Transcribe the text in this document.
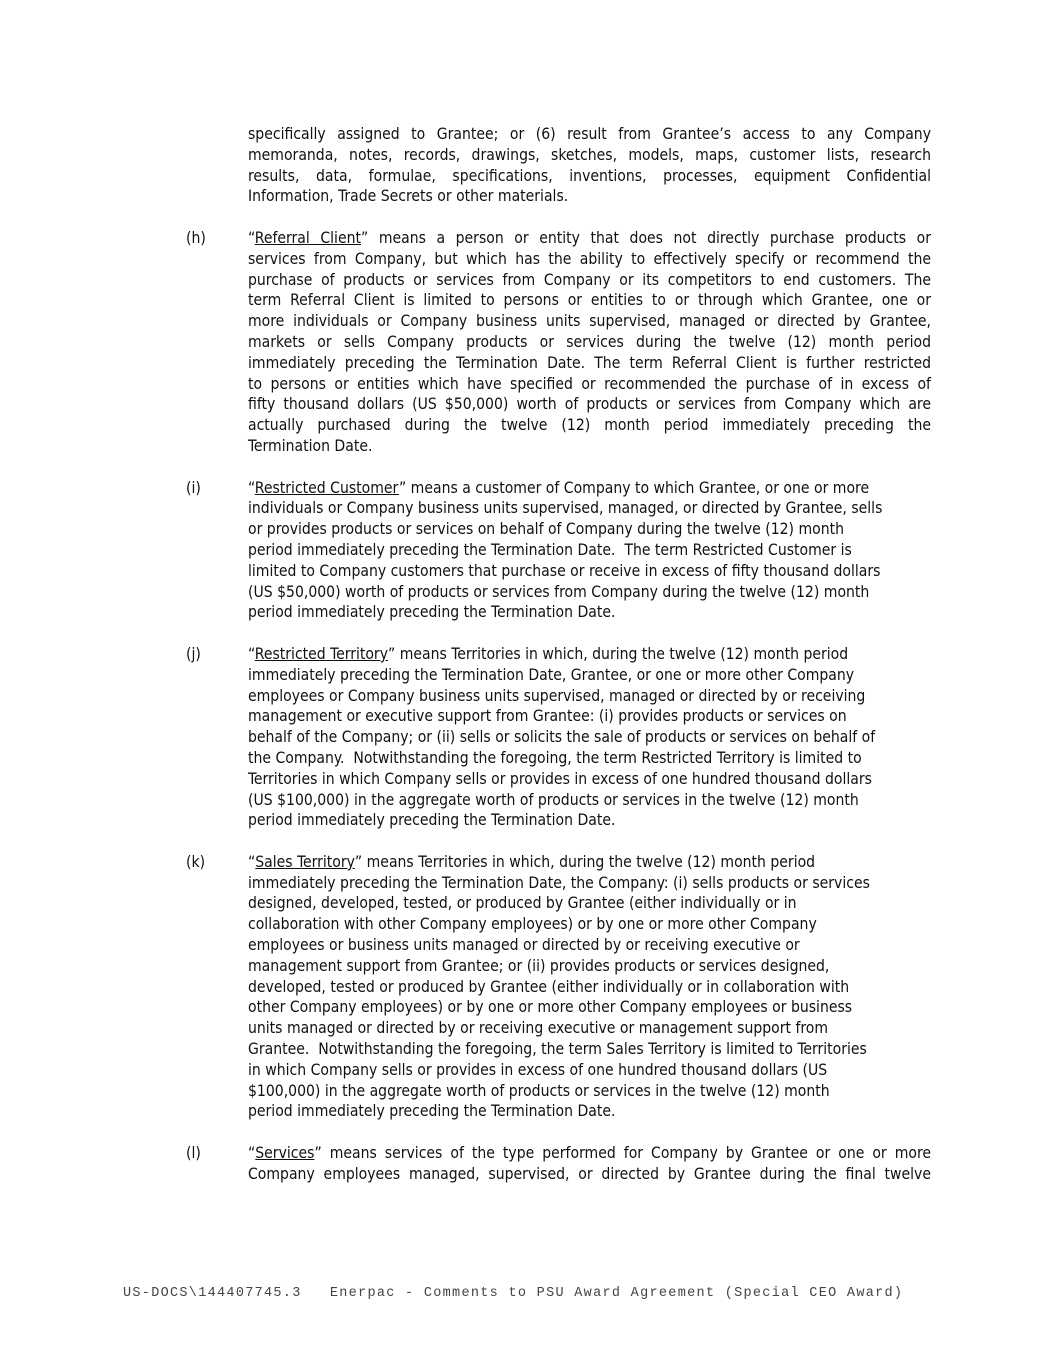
specifically assigned to Grantee; or (6) result from Grantee’s access to any Company
memoranda, notes, records, drawings, sketches, models, maps, customer lists, research
results, data, formulae, specifications, inventions, processes, equipment Confidential
Information, Trade Secrets or other materials.
(h)	“Referral Client” means a person or entity that does not directly purchase products or
services from Company, but which has the ability to effectively specify or recommend the
purchase of products or services from Company or its competitors to end customers. The
term Referral Client is limited to persons or entities to or through which Grantee, one or
more individuals or Company business units supervised, managed or directed by Grantee,
markets or sells Company products or services during the twelve (12) month period
immediately preceding the Termination Date. The term Referral Client is further restricted
to persons or entities which have specified or recommended the purchase of in excess of
fifty thousand dollars (US $50,000) worth of products or services from Company which are
actually purchased during the twelve (12) month period immediately preceding the
Termination Date.
(i)	“Restricted Customer” means a customer of Company to which Grantee, or one or more
individuals or Company business units supervised, managed, or directed by Grantee, sells
or provides products or services on behalf of Company during the twelve (12) month
period immediately preceding the Termination Date.  The term Restricted Customer is
limited to Company customers that purchase or receive in excess of fifty thousand dollars
(US $50,000) worth of products or services from Company during the twelve (12) month
period immediately preceding the Termination Date.
(j)	“Restricted Territory” means Territories in which, during the twelve (12) month period
immediately preceding the Termination Date, Grantee, or one or more other Company
employees or Company business units supervised, managed or directed by or receiving
management or executive support from Grantee: (i) provides products or services on
behalf of the Company; or (ii) sells or solicits the sale of products or services on behalf of
the Company.  Notwithstanding the foregoing, the term Restricted Territory is limited to
Territories in which Company sells or provides in excess of one hundred thousand dollars
(US $100,000) in the aggregate worth of products or services in the twelve (12) month
period immediately preceding the Termination Date.
(k)	“Sales Territory” means Territories in which, during the twelve (12) month period
immediately preceding the Termination Date, the Company: (i) sells products or services
designed, developed, tested, or produced by Grantee (either individually or in
collaboration with other Company employees) or by one or more other Company
employees or business units managed or directed by or receiving executive or
management support from Grantee; or (ii) provides products or services designed,
developed, tested or produced by Grantee (either individually or in collaboration with
other Company employees) or by one or more other Company employees or business
units managed or directed by or receiving executive or management support from
Grantee.  Notwithstanding the foregoing, the term Sales Territory is limited to Territories
in which Company sells or provides in excess of one hundred thousand dollars (US
$100,000) in the aggregate worth of products or services in the twelve (12) month
period immediately preceding the Termination Date.
(l)	“Services” means services of the type performed for Company by Grantee or one or more
Company employees managed, supervised, or directed by Grantee during the final twelve
US-DOCS\144407745.3 Enerpac - Comments to PSU Award Agreement (Special CEO Award)
